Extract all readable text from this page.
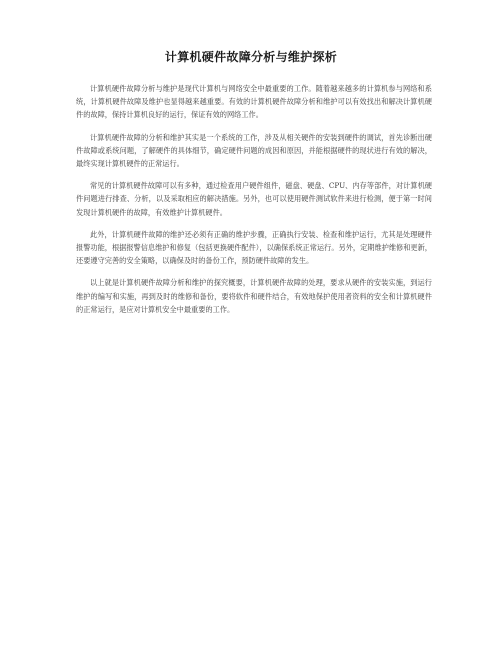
计算机硬件故障分析与维护探析

计算机硬件故障分析与维护是现代计算机与网络安全中最重要的工作。随着越来越多的计算机参与网络和系统，计算机硬件故障及维护也显得越来越重要。有效的计算机硬件故障分析和维护可以有效找出和解决计算机硬件的故障，保持计算机良好的运行，保证有效的网络工作。

计算机硬件故障的分析和维护其实是一个系统的工作，涉及从相关硬件的安装到硬件的调试，首先诊断出硬件故障或系统问题，了解硬件的具体细节，确定硬件问题的成因和原因，并能根据硬件的现状进行有效的解决，最终实现计算机硬件的正常运行。

常见的计算机硬件故障可以有多种，通过检查用户硬件组件，磁盘、硬盘、CPU、内存等部件，对计算机硬件问题进行排查、分析，以及采取相应的解决措施。另外，也可以使用硬件测试软件来进行检测，便于第一时间发现计算机硬件的故障，有效维护计算机硬件。

此外，计算机硬件故障的维护还必须有正确的维护步骤，正确执行安装、检查和维护运行，尤其是处理硬件报警功能，根据报警信息维护和修复（包括更换硬件配件），以确保系统正常运行。另外，定期维护维修和更新，还要遵守完善的安全策略，以确保及时的备份工作，预防硬件故障的发生。

以上就是计算机硬件故障分析和维护的探究概要，计算机硬件故障的处理，要求从硬件的安装实施，到运行维护的编写和实施，再到及时的维修和备份，要将软件和硬件结合，有效地保护使用者资料的安全和计算机硬件的正常运行，是应对计算机安全中最重要的工作。
